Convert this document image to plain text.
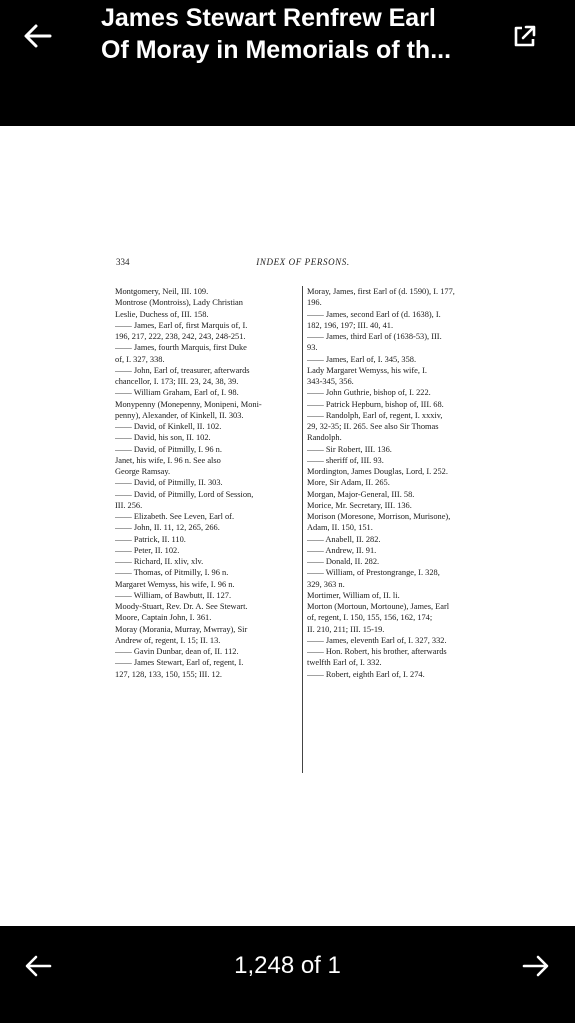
James Stewart Renfrew Earl
Of Moray in Memorials of th...
334	INDEX OF PERSONS.
Montgomery, Neil, III. 109.
Montrose (Montroiss), Lady Christian
Leslie, Duchess of, III. 158.
—— James, Earl of, first Marquis of, I.
196, 217, 222, 238, 242, 243, 248-251.
—— James, fourth Marquis, first Duke
of, I. 327, 338.
—— John, Earl of, treasurer, afterwards
chancellor, I. 173; III. 23, 24, 38, 39.
—— William Graham, Earl of, I. 98.
Monypenny (Monepenny, Monipeni, Moni-
penny), Alexander, of Kinkell, II. 303.
—— David, of Kinkell, II. 102.
—— David, his son, II. 102.
—— David, of Pitmilly, I. 96 n.
Janet, his wife, I. 96 n. See also
George Ramsay.
—— David, of Pitmilly, II. 303.
—— David, of Pitmilly, Lord of Session,
III. 256.
—— Elizabeth. See Leven, Earl of.
—— John, II. 11, 12, 265, 266.
—— Patrick, II. 110.
—— Peter, II. 102.
—— Richard, II. xliv, xlv.
—— Thomas, of Pitmilly, I. 96 n.
Margaret Wemyss, his wife, I. 96 n.
—— William, of Bawbutt, II. 127.
Moody-Stuart, Rev. Dr. A. See Stewart.
Moore, Captain John, I. 361.
Moray (Morania, Murray, Mwrray), Sir
Andrew of, regent, I. 15; II. 13.
—— Gavin Dunbar, dean of, II. 112.
—— James Stewart, Earl of, regent, I.
127, 128, 133, 150, 155; III. 12.
Moray, James, first Earl of (d. 1590), I. 177,
196.
—— James, second Earl of (d. 1638), I.
182, 196, 197; III. 40, 41.
—— James, third Earl of (1638-53), III.
93.
—— James, Earl of, I. 345, 358.
Lady Margaret Wemyss, his wife, I.
343-345, 356.
—— John Guthrie, bishop of, I. 222.
—— Patrick Hepburn, bishop of, III. 68.
—— Randolph, Earl of, regent, I. xxxiv,
29, 32-35; II. 265. See also Sir Thomas
Randolph.
—— Sir Robert, III. 136.
—— sheriff of, III. 93.
Mordington, James Douglas, Lord, I. 252.
More, Sir Adam, II. 265.
Morgan, Major-General, III. 58.
Morice, Mr. Secretary, III. 136.
Morison (Moresone, Morrison, Murisone),
Adam, II. 150, 151.
—— Anabell, II. 282.
—— Andrew, II. 91.
—— Donald, II. 282.
—— William, of Prestongrange, I. 328,
329, 363 n.
Mortimer, William of, II. li.
Morton (Mortoun, Mortoune), James, Earl
of, regent, I. 150, 155, 156, 162, 174;
II. 210, 211; III. 15-19.
—— James, eleventh Earl of, I. 327, 332.
—— Hon. Robert, his brother, afterwards
twelfth Earl of, I. 332.
—— Robert, eighth Earl of, I. 274.
1,248 of 1
